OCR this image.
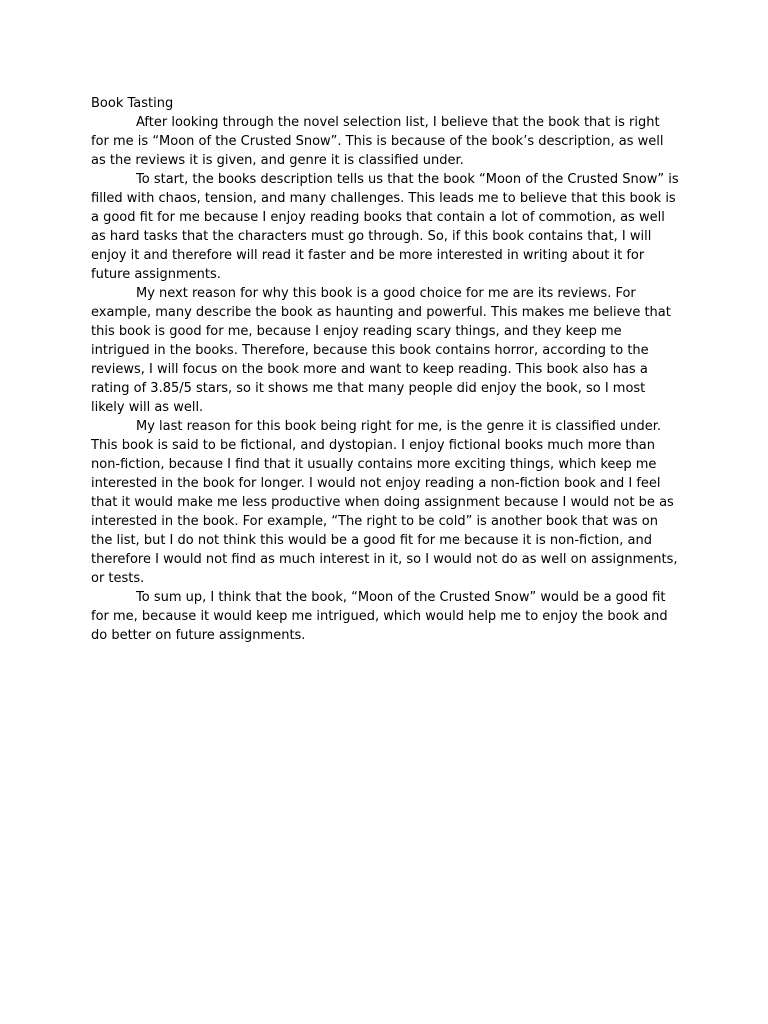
Book Tasting

After looking through the novel selection list, I believe that the book that is right for me is “Moon of the Crusted Snow”. This is because of the book’s description, as well as the reviews it is given, and genre it is classified under.

To start, the books description tells us that the book “Moon of the Crusted Snow” is filled with chaos, tension, and many challenges. This leads me to believe that this book is a good fit for me because I enjoy reading books that contain a lot of commotion, as well as hard tasks that the characters must go through. So, if this book contains that, I will enjoy it and therefore will read it faster and be more interested in writing about it for future assignments.

My next reason for why this book is a good choice for me are its reviews. For example, many describe the book as haunting and powerful. This makes me believe that this book is good for me, because I enjoy reading scary things, and they keep me intrigued in the books. Therefore, because this book contains horror, according to the reviews, I will focus on the book more and want to keep reading. This book also has a rating of 3.85/5 stars, so it shows me that many people did enjoy the book, so I most likely will as well.

My last reason for this book being right for me, is the genre it is classified under. This book is said to be fictional, and dystopian. I enjoy fictional books much more than non-fiction, because I find that it usually contains more exciting things, which keep me interested in the book for longer. I would not enjoy reading a non-fiction book and I feel that it would make me less productive when doing assignment because I would not be as interested in the book. For example, “The right to be cold” is another book that was on the list, but I do not think this would be a good fit for me because it is non-fiction, and therefore I would not find as much interest in it, so I would not do as well on assignments, or tests.

To sum up, I think that the book, “Moon of the Crusted Snow” would be a good fit for me, because it would keep me intrigued, which would help me to enjoy the book and do better on future assignments.
